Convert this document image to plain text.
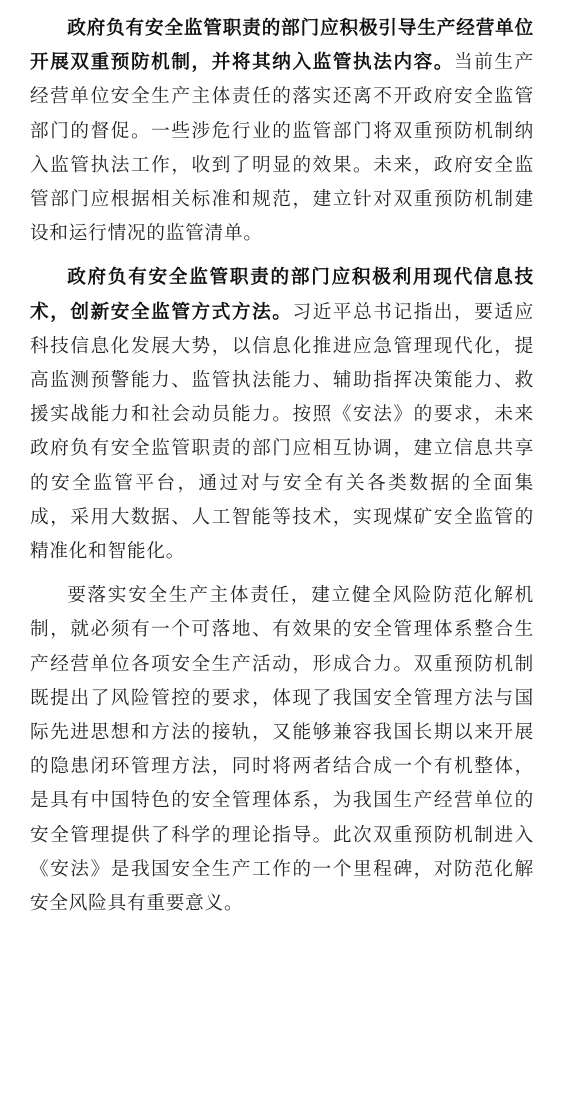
政府负有安全监管职责的部门应积极引导生产经营单位开展双重预防机制，并将其纳入监管执法内容。当前生产经营单位安全生产主体责任的落实还离不开政府安全监管部门的督促。一些涉危行业的监管部门将双重预防机制纳入监管执法工作，收到了明显的效果。未来，政府安全监管部门应根据相关标准和规范，建立针对双重预防机制建设和运行情况的监管清单。

政府负有安全监管职责的部门应积极利用现代信息技术，创新安全监管方式方法。习近平总书记指出，要适应科技信息化发展大势，以信息化推进应急管理现代化，提高监测预警能力、监管执法能力、辅助指挥决策能力、救援实战能力和社会动员能力。按照《安法》的要求，未来政府负有安全监管职责的部门应相互协调，建立信息共享的安全监管平台，通过对与安全有关各类数据的全面集成，采用大数据、人工智能等技术，实现煤矿安全监管的精准化和智能化。

要落实安全生产主体责任，建立健全风险防范化解机制，就必须有一个可落地、有效果的安全管理体系整合生产经营单位各项安全生产活动，形成合力。双重预防机制既提出了风险管控的要求，体现了我国安全管理方法与国际先进思想和方法的接轨，又能够兼容我国长期以来开展的隐患闭环管理方法，同时将两者结合成一个有机整体，是具有中国特色的安全管理体系，为我国生产经营单位的安全管理提供了科学的理论指导。此次双重预防机制进入《安法》是我国安全生产工作的一个里程碑，对防范化解安全风险具有重要意义。
